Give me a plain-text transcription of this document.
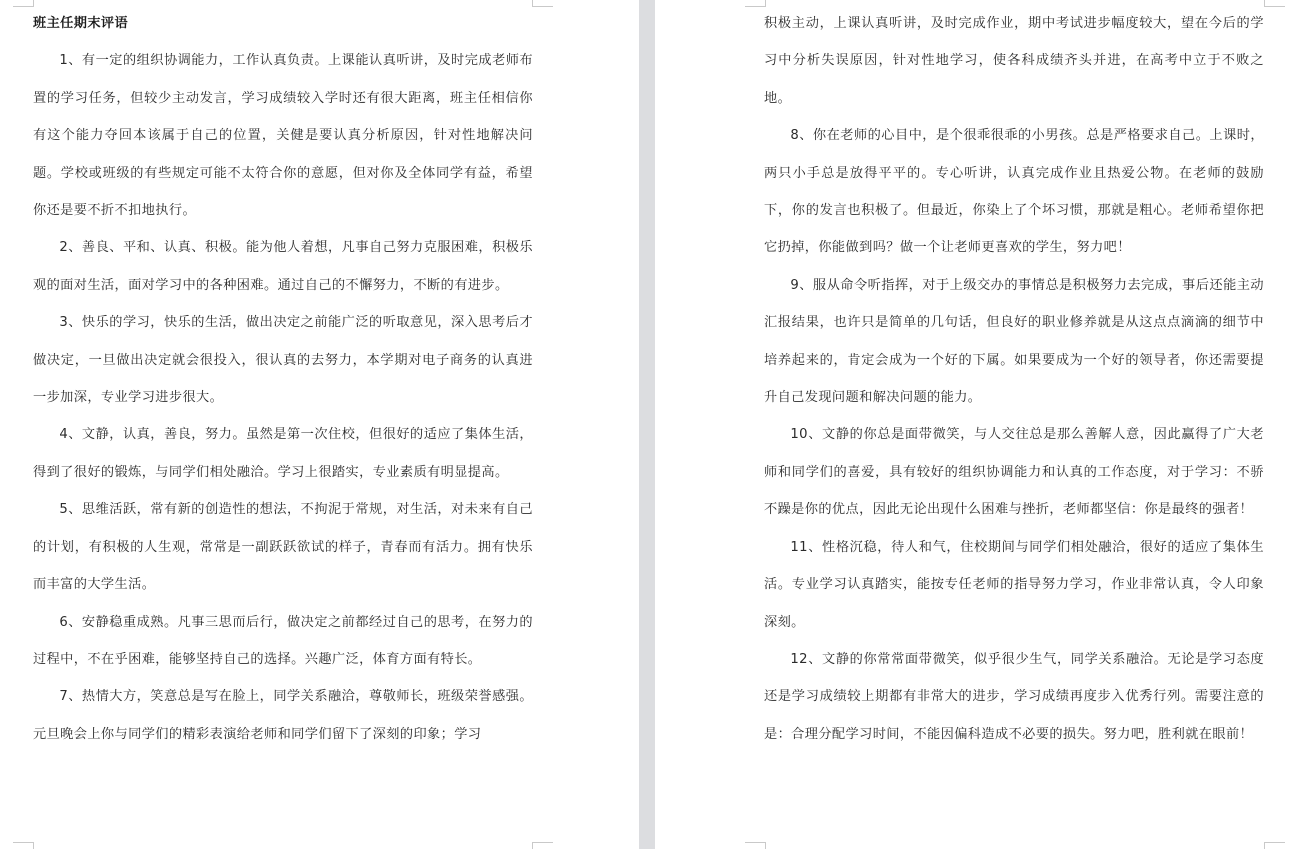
班主任期末评语

1、有一定的组织协调能力，工作认真负责。上课能认真听讲，及时完成老师布置的学习任务，但较少主动发言，学习成绩较入学时还有很大距离，班主任相信你有这个能力夺回本该属于自己的位置，关健是要认真分析原因，针对性地解决问题。学校或班级的有些规定可能不太符合你的意愿，但对你及全体同学有益，希望你还是要不折不扣地执行。

2、善良、平和、认真、积极。能为他人着想，凡事自己努力克服困难，积极乐观的面对生活，面对学习中的各种困难。通过自己的不懈努力，不断的有进步。

3、快乐的学习，快乐的生活，做出决定之前能广泛的听取意见，深入思考后才做决定，一旦做出决定就会很投入，很认真的去努力，本学期对电子商务的认真进一步加深，专业学习进步很大。

4、文静，认真，善良，努力。虽然是第一次住校，但很好的适应了集体生活，得到了很好的锻炼，与同学们相处融洽。学习上很踏实，专业素质有明显提高。

5、思维活跃，常有新的创造性的想法，不拘泥于常规，对生活，对未来有自己的计划，有积极的人生观，常常是一副跃跃欲试的样子，青春而有活力。拥有快乐而丰富的大学生活。

6、安静稳重成熟。凡事三思而后行，做决定之前都经过自己的思考，在努力的过程中，不在乎困难，能够坚持自己的选择。兴趣广泛，体育方面有特长。

7、热情大方，笑意总是写在脸上，同学关系融洽，尊敬师长，班级荣誉感强。元旦晚会上你与同学们的精彩表演给老师和同学们留下了深刻的印象；学习

积极主动，上课认真听讲，及时完成作业，期中考试进步幅度较大，望在今后的学习中分析失误原因，针对性地学习，使各科成绩齐头并进，在高考中立于不败之地。

8、你在老师的心目中，是个很乖很乖的小男孩。总是严格要求自己。上课时，两只小手总是放得平平的。专心听讲，认真完成作业且热爱公物。在老师的鼓励下，你的发言也积极了。但最近，你染上了个坏习惯，那就是粗心。老师希望你把它扔掉，你能做到吗？做一个让老师更喜欢的学生，努力吧！

9、服从命令听指挥，对于上级交办的事情总是积极努力去完成，事后还能主动汇报结果，也许只是简单的几句话，但良好的职业修养就是从这点点滴滴的细节中培养起来的，肯定会成为一个好的下属。如果要成为一个好的领导者，你还需要提升自己发现问题和解决问题的能力。

10、文静的你总是面带微笑，与人交往总是那么善解人意，因此赢得了广大老师和同学们的喜爱，具有较好的组织协调能力和认真的工作态度，对于学习：不骄不躁是你的优点，因此无论出现什么困难与挫折，老师都坚信：你是最终的强者！

11、性格沉稳，待人和气，住校期间与同学们相处融洽，很好的适应了集体生活。专业学习认真踏实，能按专任老师的指导努力学习，作业非常认真，令人印象深刻。

12、文静的你常常面带微笑，似乎很少生气，同学关系融洽。无论是学习态度还是学习成绩较上期都有非常大的进步，学习成绩再度步入优秀行列。需要注意的是：合理分配学习时间，不能因偏科造成不必要的损失。努力吧，胜利就在眼前！
